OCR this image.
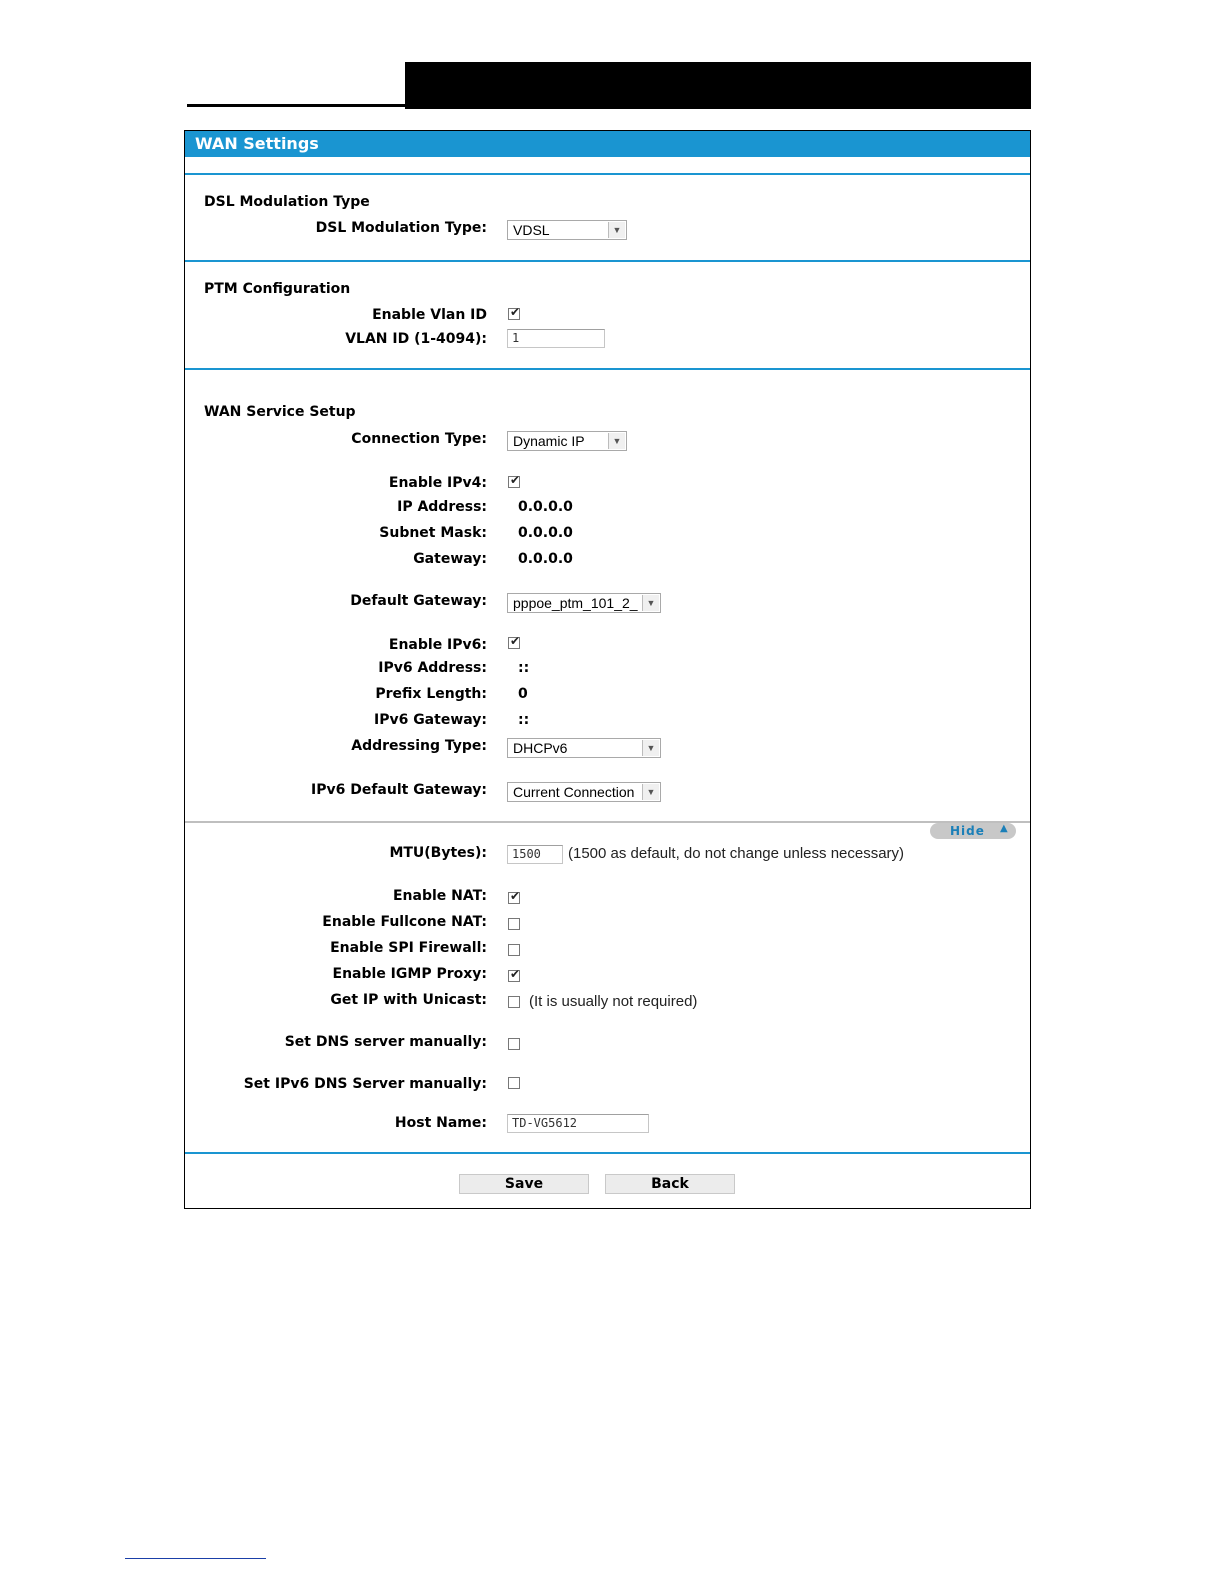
WAN Settings
DSL Modulation Type
DSL Modulation Type: VDSL	▼
PTM Configuration
Enable Vlan ID ✔
VLAN ID (1-4094):	1
WAN Service Setup
Connection Type: Dynamic IP	▼
Enable IPv4: ✔
IP Address: 0.0.0.0
Subnet Mask: 0.0.0.0
Gateway: 0.0.0.0
Default Gateway: pppoe_ptm_101_2_ ▼
Enable IPv6: ✔
IPv6 Address: ::
Prefix Length: 0
IPv6 Gateway: ::
Addressing Type: DHCPv6	▼
IPv6 Default Gateway: Current Connection	▼
Hide ▲
MTU(Bytes):	1500	(1500 as default, do not change unless necessary)
Enable NAT: ✔
Enable Fullcone NAT:
Enable SPI Firewall:
Enable IGMP Proxy: ✔
Get IP with Unicast:	(It is usually not required)
Set DNS server manually:
Set IPv6 DNS Server manually:
Host Name:	TD-VG5612
Save	Back
